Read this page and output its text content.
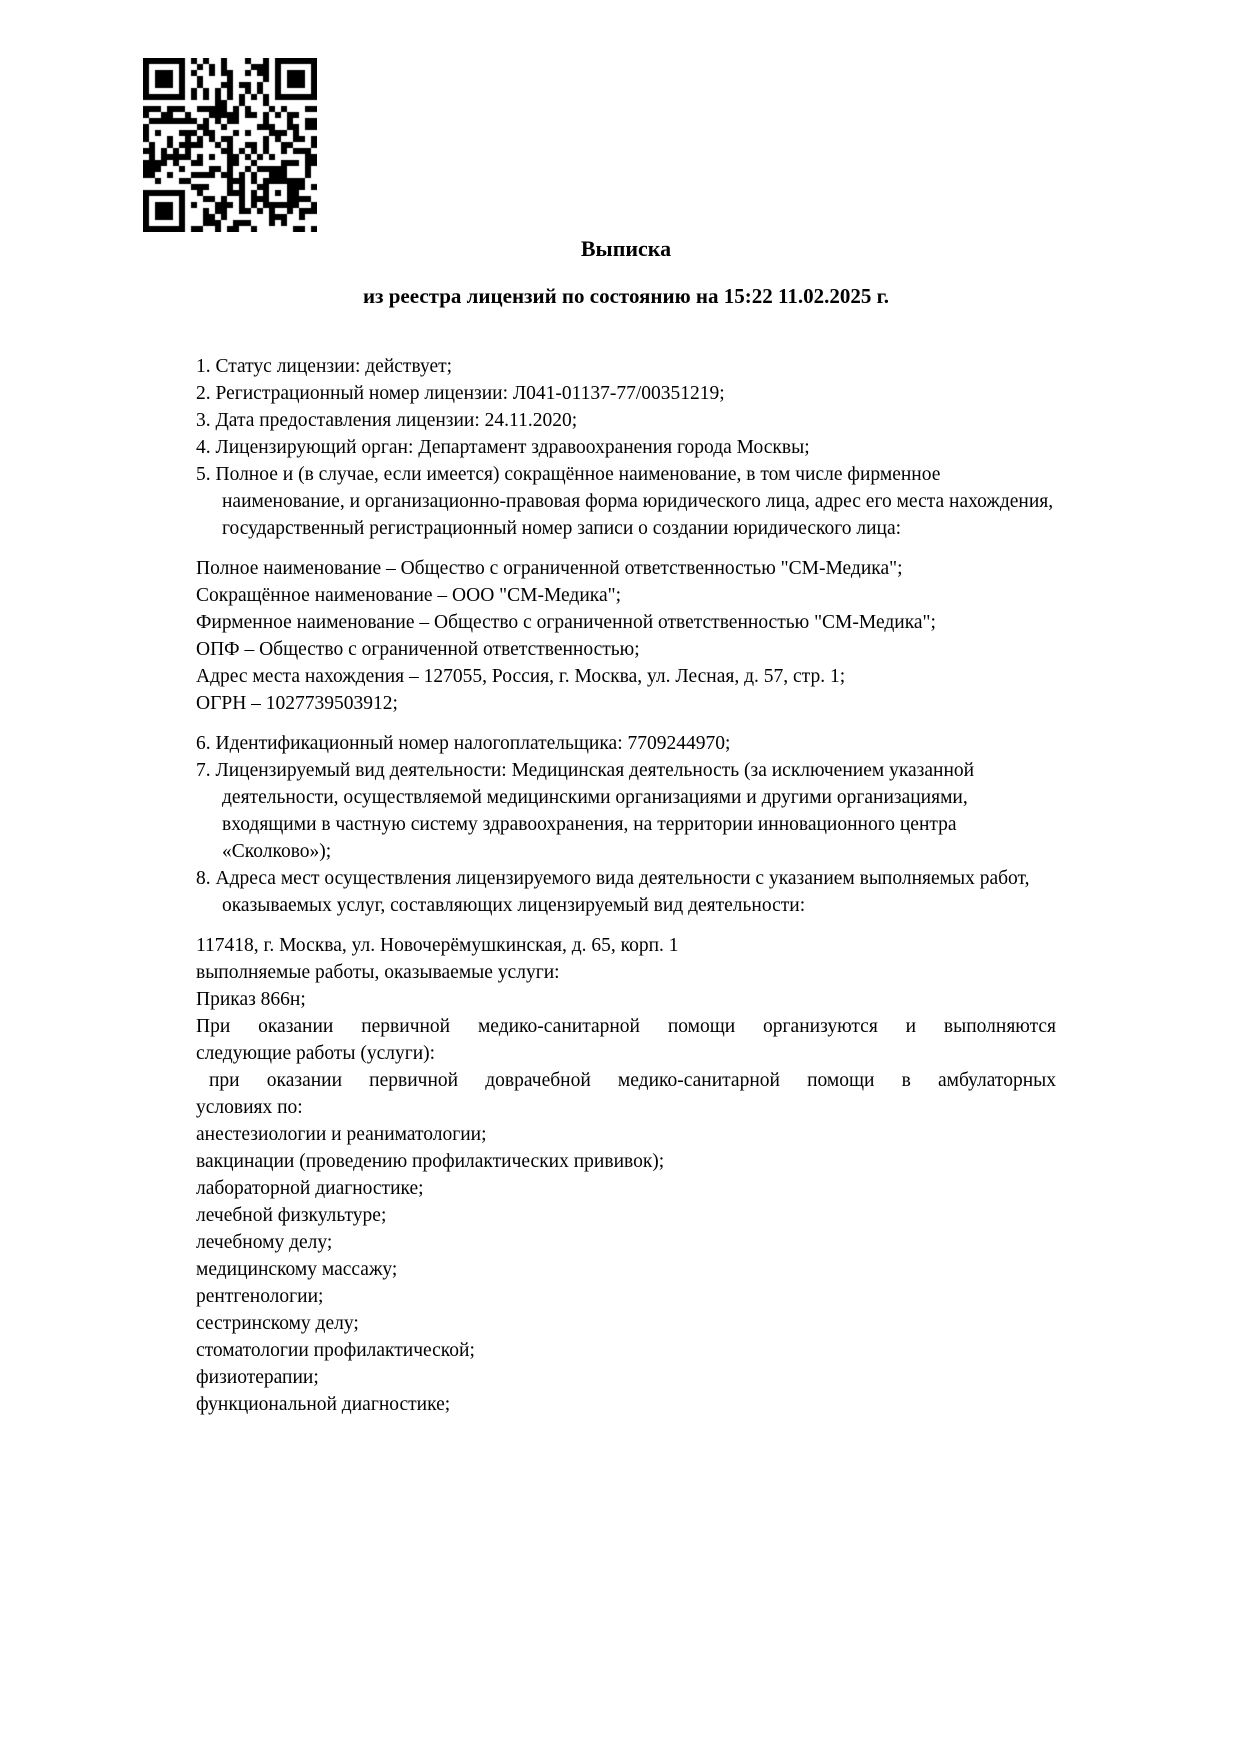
Выписка
из реестра лицензий по состоянию на 15:22 11.02.2025 г.

1. Статус лицензии: действует;

2. Регистрационный номер лицензии: Л041-01137-77/00351219;

3. Дата предоставления лицензии: 24.11.2020;

4. Лицензирующий орган: Департамент здравоохранения города Москвы;

5. Полное и (в случае, если имеется) сокращённое наименование, в том числе фирменное наименование, и организационно-правовая форма юридического лица, адрес его места нахождения, государственный регистрационный номер записи о создании юридического лица:

Полное наименование – Общество с ограниченной ответственностью "СМ-Медика";

Сокращённое наименование – ООО "СМ-Медика";

Фирменное наименование – Общество с ограниченной ответственностью "СМ-Медика";

ОПФ – Общество с ограниченной ответственностью;

Адрес места нахождения – 127055, Россия, г. Москва, ул. Лесная, д. 57, стр. 1;

ОГРН – 1027739503912;

6. Идентификационный номер налогоплательщика: 7709244970;

7. Лицензируемый вид деятельности: Медицинская деятельность (за исключением указанной деятельности, осуществляемой медицинскими организациями и другими организациями, входящими в частную систему здравоохранения, на территории инновационного центра «Сколково»);

8. Адреса мест осуществления лицензируемого вида деятельности с указанием выполняемых работ, оказываемых услуг, составляющих лицензируемый вид деятельности:

117418, г. Москва, ул. Новочерёмушкинская, д. 65, корп. 1

выполняемые работы, оказываемые услуги:

Приказ 866н;

При оказании первичной медико-санитарной помощи организуются и выполняются

следующие работы (услуги):

при оказании первичной доврачебной медико-санитарной помощи в амбулаторных

условиях по:

анестезиологии и реаниматологии;

вакцинации (проведению профилактических прививок);

лабораторной диагностике;

лечебной физкультуре;

лечебному делу;

медицинскому массажу;

рентгенологии;

сестринскому делу;

стоматологии профилактической;

физиотерапии;

функциональной диагностике;
